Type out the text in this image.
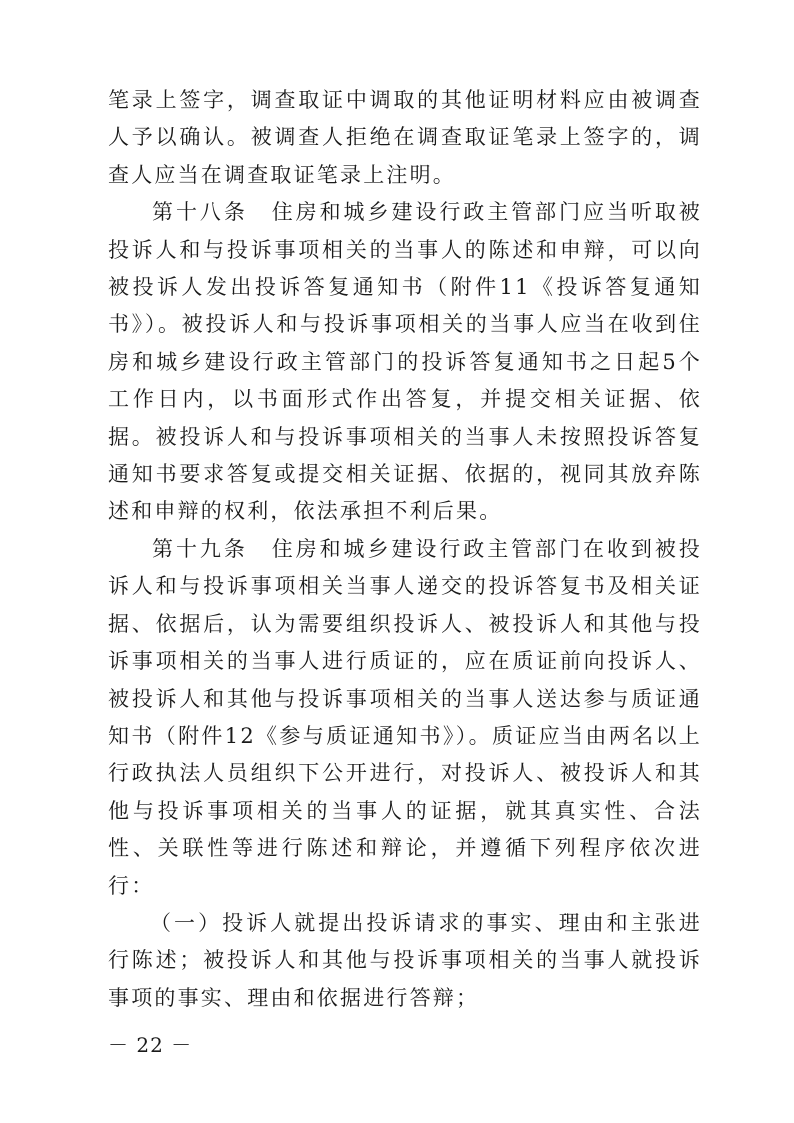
笔录上签字，调查取证中调取的其他证明材料应由被调查人予以确认。被调查人拒绝在调查取证笔录上签字的，调查人应当在调查取证笔录上注明。

第十八条　住房和城乡建设行政主管部门应当听取被投诉人和与投诉事项相关的当事人的陈述和申辩，可以向被投诉人发出投诉答复通知书（附件11《投诉答复通知书》）。被投诉人和与投诉事项相关的当事人应当在收到住房和城乡建设行政主管部门的投诉答复通知书之日起5个工作日内，以书面形式作出答复，并提交相关证据、依据。被投诉人和与投诉事项相关的当事人未按照投诉答复通知书要求答复或提交相关证据、依据的，视同其放弃陈述和申辩的权利，依法承担不利后果。

第十九条　住房和城乡建设行政主管部门在收到被投诉人和与投诉事项相关当事人递交的投诉答复书及相关证据、依据后，认为需要组织投诉人、被投诉人和其他与投诉事项相关的当事人进行质证的，应在质证前向投诉人、被投诉人和其他与投诉事项相关的当事人送达参与质证通知书（附件12《参与质证通知书》）。质证应当由两名以上行政执法人员组织下公开进行，对投诉人、被投诉人和其他与投诉事项相关的当事人的证据，就其真实性、合法性、关联性等进行陈述和辩论，并遵循下列程序依次进行：

（一）投诉人就提出投诉请求的事实、理由和主张进行陈述；被投诉人和其他与投诉事项相关的当事人就投诉事项的事实、理由和依据进行答辩；

－ 22 －
